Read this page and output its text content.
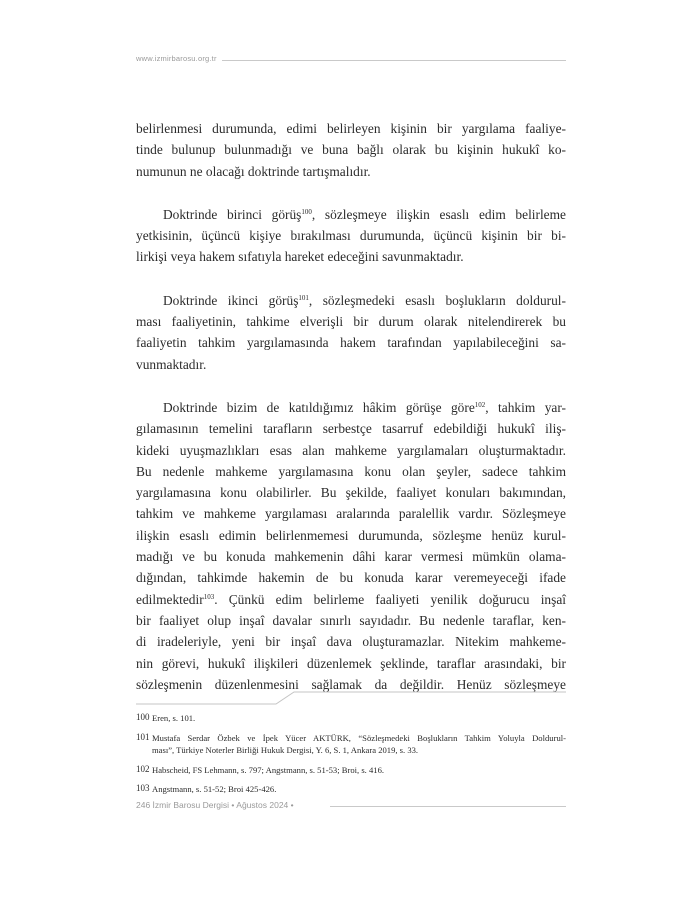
www.izmirbarosu.org.tr
belirlenmesi durumunda, edimi belirleyen kişinin bir yargılama faaliye-
tinde bulunup bulunmadığı ve buna bağlı olarak bu kişinin hukukî ko-
numunun ne olacağı doktrinde tartışmalıdır.
Doktrinde birinci görüş$^{100}$, sözleşmeye ilişkin esaslı edim belirleme
yetkisinin, üçüncü kişiye bırakılması durumunda, üçüncü kişinin bir bi-
lirkişi veya hakem sıfatıyla hareket edeceğini savunmaktadır.
Doktrinde ikinci görüş$^{101}$, sözleşmedeki esaslı boşlukların doldurul-
ması faaliyetinin, tahkime elverişli bir durum olarak nitelendirerek bu
faaliyetin tahkim yargılamasında hakem tarafından yapılabileceğini sa-
vunmaktadır.
Doktrinde bizim de katıldığımız hâkim görüşe göre$^{102}$, tahkim yar-
gılamasının temelini tarafların serbestçe tasarruf edebildiği hukukî iliş-
kideki uyuşmazlıkları esas alan mahkeme yargılamaları oluşturmaktadır.
Bu nedenle mahkeme yargılamasına konu olan şeyler, sadece tahkim
yargılamasına konu olabilirler. Bu şekilde, faaliyet konuları bakımından,
tahkim ve mahkeme yargılaması aralarında paralellik vardır. Sözleşmeye
ilişkin esaslı edimin belirlenmemesi durumunda, sözleşme henüz kurul-
madığı ve bu konuda mahkemenin dâhi karar vermesi mümkün olama-
dığından, tahkimde hakemin de bu konuda karar veremeyeceği ifade
edilmektedir$^{103}$. Çünkü edim belirleme faaliyeti yenilik doğurucu inşaî
bir faaliyet olup inşaî davalar sınırlı sayıdadır. Bu nedenle taraflar, ken-
di iradeleriyle, yeni bir inşaî dava oluşturamazlar. Nitekim mahkeme-
nin görevi, hukukî ilişkileri düzenlemek şeklinde, taraflar arasındaki, bir
sözleşmenin düzenlenmesini sağlamak da değildir. Henüz sözleşmeye
100 Eren, s. 101.
101 Mustafa Serdar Özbek ve İpek Yücer AKTÜRK, “Sözleşmedeki Boşlukların Tahkim Yoluyla Doldurul-
ması”, Türkiye Noterler Birliği Hukuk Dergisi, Y. 6, S. 1, Ankara 2019, s. 33.
102 Habscheid, FS Lehmann, s. 797; Angstmann, s. 51-53; Broi, s. 416.
103 Angstmann, s. 51-52; Broi 425-426.
246 İzmir Barosu Dergisi • Ağustos 2024 •
